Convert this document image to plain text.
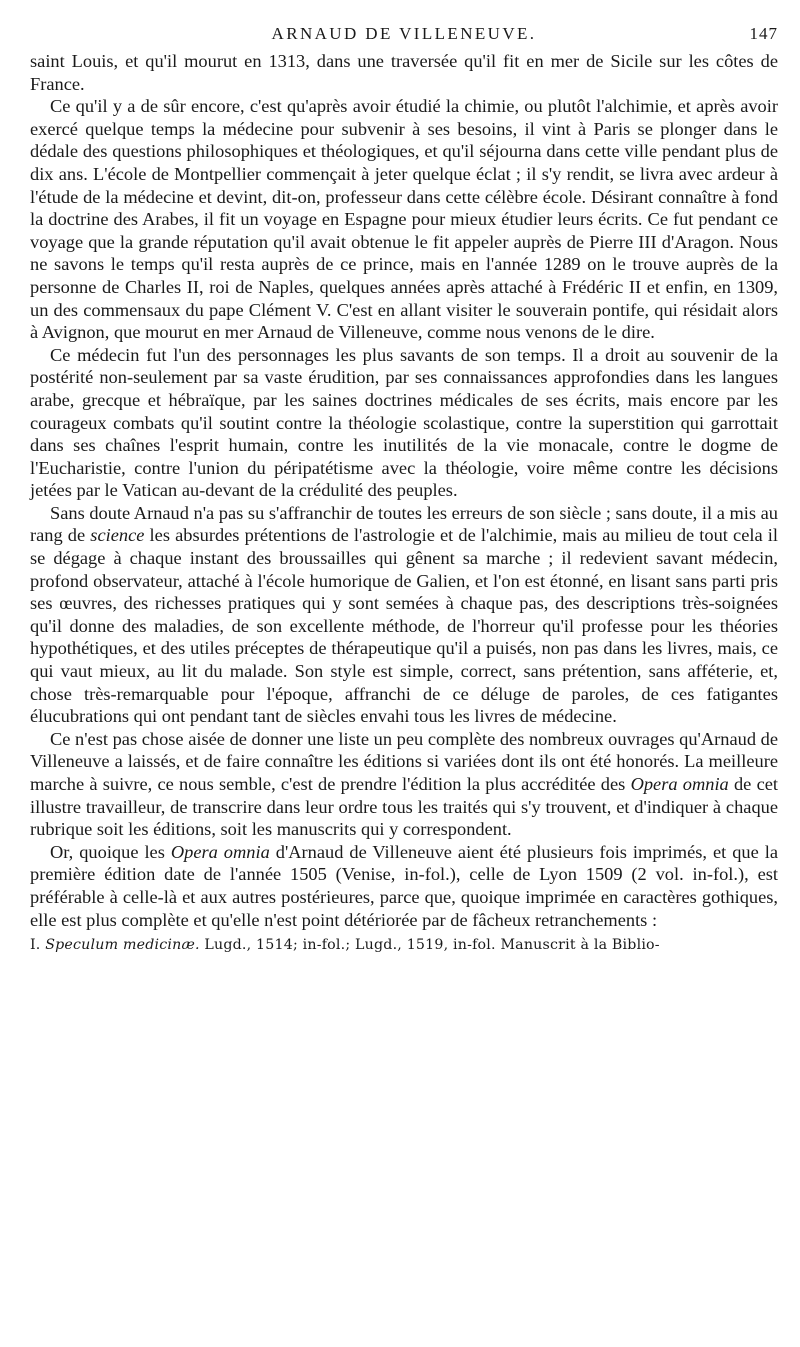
ARNAUD DE VILLENEUVE.	147

saint Louis, et qu'il mourut en 1313, dans une traversée qu'il fit en mer de Sicile sur les côtes de France.

Ce qu'il y a de sûr encore, c'est qu'après avoir étudié la chimie, ou plutôt l'alchimie, et après avoir exercé quelque temps la médecine pour subvenir à ses besoins, il vint à Paris se plonger dans le dédale des questions philosophiques et théologiques, et qu'il séjourna dans cette ville pendant plus de dix ans. L'école de Montpellier commençait à jeter quelque éclat ; il s'y rendit, se livra avec ardeur à l'étude de la médecine et devint, dit-on, professeur dans cette célèbre école. Désirant connaître à fond la doctrine des Arabes, il fit un voyage en Espagne pour mieux étudier leurs écrits. Ce fut pendant ce voyage que la grande réputation qu'il avait obtenue le fit appeler auprès de Pierre III d'Aragon. Nous ne savons le temps qu'il resta auprès de ce prince, mais en l'année 1289 on le trouve auprès de la personne de Charles II, roi de Naples, quelques années après attaché à Frédéric II et enfin, en 1309, un des commensaux du pape Clément V. C'est en allant visiter le souverain pontife, qui résidait alors à Avignon, que mourut en mer Arnaud de Villeneuve, comme nous venons de le dire.

Ce médecin fut l'un des personnages les plus savants de son temps. Il a droit au souvenir de la postérité non-seulement par sa vaste érudition, par ses connaissances approfondies dans les langues arabe, grecque et hébraïque, par les saines doctrines médicales de ses écrits, mais encore par les courageux combats qu'il soutint contre la théologie scolastique, contre la superstition qui garrottait dans ses chaînes l'esprit humain, contre les inutilités de la vie monacale, contre le dogme de l'Eucharistie, contre l'union du péripatétisme avec la théologie, voire même contre les décisions jetées par le Vatican au-devant de la crédulité des peuples.

Sans doute Arnaud n'a pas su s'affranchir de toutes les erreurs de son siècle ; sans doute, il a mis au rang de science les absurdes prétentions de l'astrologie et de l'alchimie, mais au milieu de tout cela il se dégage à chaque instant des broussailles qui gênent sa marche ; il redevient savant médecin, profond observateur, attaché à l'école humorique de Galien, et l'on est étonné, en lisant sans parti pris ses œuvres, des richesses pratiques qui y sont semées à chaque pas, des descriptions très-soignées qu'il donne des maladies, de son excellente méthode, de l'horreur qu'il professe pour les théories hypothétiques, et des utiles préceptes de thérapeutique qu'il a puisés, non pas dans les livres, mais, ce qui vaut mieux, au lit du malade. Son style est simple, correct, sans prétention, sans afféterie, et, chose très-remarquable pour l'époque, affranchi de ce déluge de paroles, de ces fatigantes élucubrations qui ont pendant tant de siècles envahi tous les livres de médecine.

Ce n'est pas chose aisée de donner une liste un peu complète des nombreux ouvrages qu'Arnaud de Villeneuve a laissés, et de faire connaître les éditions si variées dont ils ont été honorés. La meilleure marche à suivre, ce nous semble, c'est de prendre l'édition la plus accréditée des Opera omnia de cet illustre travailleur, de transcrire dans leur ordre tous les traités qui s'y trouvent, et d'indiquer à chaque rubrique soit les éditions, soit les manuscrits qui y correspondent.

Or, quoique les Opera omnia d'Arnaud de Villeneuve aient été plusieurs fois imprimés, et que la première édition date de l'année 1505 (Venise, in-fol.), celle de Lyon 1509 (2 vol. in-fol.), est préférable à celle-là et aux autres postérieures, parce que, quoique imprimée en caractères gothiques, elle est plus complète et qu'elle n'est point détériorée par de fâcheux retranchements :

I. Speculum medicinæ. Lugd., 1514; in-fol.; Lugd., 1519, in-fol. Manuscrit à la Biblio-
